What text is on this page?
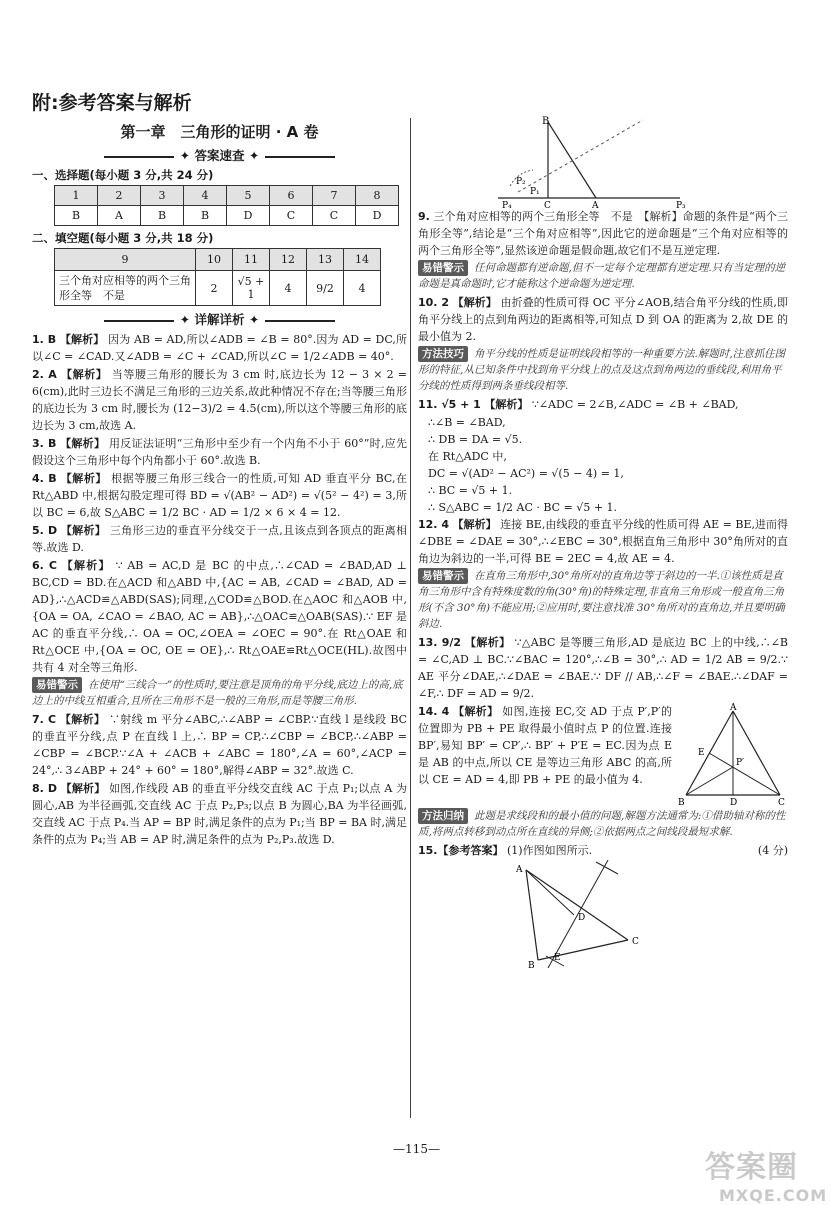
附:参考答案与解析
第一章　三角形的证明 · A 卷
✦ 答案速查 ✦
一、选择题(每小题 3 分,共 24 分)
1	2	3	4	5	6	7	8
B	A	B	B	D	C	C	D
二、填空题(每小题 3 分,共 18 分)
9	10	11	12	13	14
三个角对应相等的两个三角形全等　不是	2	√5 + 1	4	9/2	4
✦ 详解详析 ✦
1. B 【解析】 因为 AB = AD,所以∠ADB = ∠B = 80°.因为 AD = DC,所以∠C = ∠CAD.又∠ADB = ∠C + ∠CAD,所以∠C = 1/2∠ADB = 40°.
2. A 【解析】 当等腰三角形的腰长为 3 cm 时,底边长为 12 − 3 × 2 = 6(cm),此时三边长不满足三角形的三边关系,故此种情况不存在;当等腰三角形的底边长为 3 cm 时,腰长为 (12−3)/2 = 4.5(cm),所以这个等腰三角形的底边长为 3 cm,故选 A.
3. B 【解析】 用反证法证明“三角形中至少有一个内角不小于 60°”时,应先假设这个三角形中每个内角都小于 60°.故选 B.
4. B 【解析】 根据等腰三角形三线合一的性质,可知 AD 垂直平分 BC,在 Rt△ABD 中,根据勾股定理可得 BD = √(AB² − AD²) = √(5² − 4²) = 3,所以 BC = 6,故 S△ABC = 1/2 BC · AD = 1/2 × 6 × 4 = 12.
5. D 【解析】 三角形三边的垂直平分线交于一点,且该点到各顶点的距离相等.故选 D.
6. C 【解析】 ∵ AB = AC,D 是 BC 的中点,∴∠CAD = ∠BAD,AD ⊥ BC,CD = BD.在△ACD 和△ABD 中,{AC = AB, ∠CAD = ∠BAD, AD = AD},∴△ACD≌△ABD(SAS);同理,△COD≌△BOD.在△AOC 和△AOB 中,{OA = OA, ∠CAO = ∠BAO, AC = AB},∴△OAC≌△OAB(SAS).∵ EF 是 AC 的垂直平分线,∴ OA = OC,∠OEA = ∠OEC = 90°.在 Rt△OAE 和 Rt△OCE 中,{OA = OC, OE = OE},∴ Rt△OAE≌Rt△OCE(HL).故图中共有 4 对全等三角形.
易错警示 在使用“三线合一”的性质时,要注意是顶角的角平分线,底边上的高,底边上的中线互相重合,且所在三角形不是一般的三角形,而是等腰三角形.
7. C 【解析】 ∵射线 m 平分∠ABC,∴∠ABP = ∠CBP.∵直线 l 是线段 BC 的垂直平分线,点 P 在直线 l 上,∴ BP = CP,∴∠CBP = ∠BCP,∴∠ABP = ∠CBP = ∠BCP.∵∠A + ∠ACB + ∠ABC = 180°,∠A = 60°,∠ACP = 24°,∴ 3∠ABP + 24° + 60° = 180°,解得∠ABP = 32°.故选 C.
8. D 【解析】 如图,作线段 AB 的垂直平分线交直线 AC 于点 P₁;以点 A 为圆心,AB 为半径画弧,交直线 AC 于点 P₂,P₃;以点 B 为圆心,BA 为半径画弧,交直线 AC 于点 P₄.当 AP = BP 时,满足条件的点为 P₁;当 BP = BA 时,满足条件的点为 P₄;当 AB = AP 时,满足条件的点为 P₂,P₃.故选 D.
B
P₂
P₄
P₁
C	A	P₃
9. 三个角对应相等的两个三角形全等　不是　【解析】命题的条件是“两个三角形全等”,结论是“三个角对应相等”,因此它的逆命题是“三个角对应相等的两个三角形全等”,显然该逆命题是假命题,故它们不是互逆定理.
易错警示 任何命题都有逆命题,但不一定每个定理都有逆定理.只有当定理的逆命题是真命题时,它才能称这个逆命题为逆定理.
10. 2 【解析】 由折叠的性质可得 OC 平分∠AOB,结合角平分线的性质,即角平分线上的点到角两边的距离相等,可知点 D 到 OA 的距离为 2,故 DE 的最小值为 2.
方法技巧 角平分线的性质是证明线段相等的一种重要方法.解题时,注意抓住图形的特征,从已知条件中找到角平分线上的点及这点到角两边的垂线段,利用角平分线的性质得到两条垂线段相等.
11. √5 + 1 【解析】 ∵∠ADC = 2∠B,∠ADC = ∠B + ∠BAD,
∴∠B = ∠BAD,
∴ DB = DA = √5.
在 Rt△ADC 中,
DC = √(AD² − AC²) = √(5 − 4) = 1,
∴ BC = √5 + 1.
∴ S△ABC = 1/2 AC · BC = √5 + 1.
12. 4 【解析】 连接 BE,由线段的垂直平分线的性质可得 AE = BE,进而得∠DBE = ∠DAE = 30°,∴∠EBC = 30°,根据直角三角形中 30°角所对的直角边为斜边的一半,可得 BE = 2EC = 4,故 AE = 4.
易错警示 在直角三角形中,30°角所对的直角边等于斜边的一半.①该性质是直角三角形中含有特殊度数的角(30°角)的特殊定理,非直角三角形或一般直角三角形(不含 30°角)不能应用;②应用时,要注意找准 30°角所对的直角边,并且要明确斜边.
13. 9/2 【解析】 ∵△ABC 是等腰三角形,AD 是底边 BC 上的中线,∴∠B = ∠C,AD ⊥ BC.∵∠BAC = 120°,∴∠B = 30°,∴ AD = 1/2 AB = 9/2.∵ AE 平分∠DAE,∴∠DAE = ∠BAE.∵ DF // AB,∴∠F = ∠BAE.∴∠DAF = ∠F,∴ DF = AD = 9/2.
A
E
P′
B	D	C
14. 4 【解析】 如图,连接 EC,交 AD 于点 P′,P′的位置即为 PB + PE 取得最小值时点 P 的位置.连接 BP′,易知 BP′ = CP′,∴ BP′ + P′E = EC.因为点 E 是 AB 的中点,所以 CE 是等边三角形 ABC 的高,所以 CE = AD = 4,即 PB + PE 的最小值为 4.
方法归纳 此题是求线段和的最小值的问题,解题方法通常为:①借助轴对称的性质,将两点转移到动点所在直线的异侧;②依据两点之间线段最短求解.
15.【参考答案】 (1)作图如图所示.	(4 分)
A
D
B
E
C
—115—
答案圈
MXQE.COM
